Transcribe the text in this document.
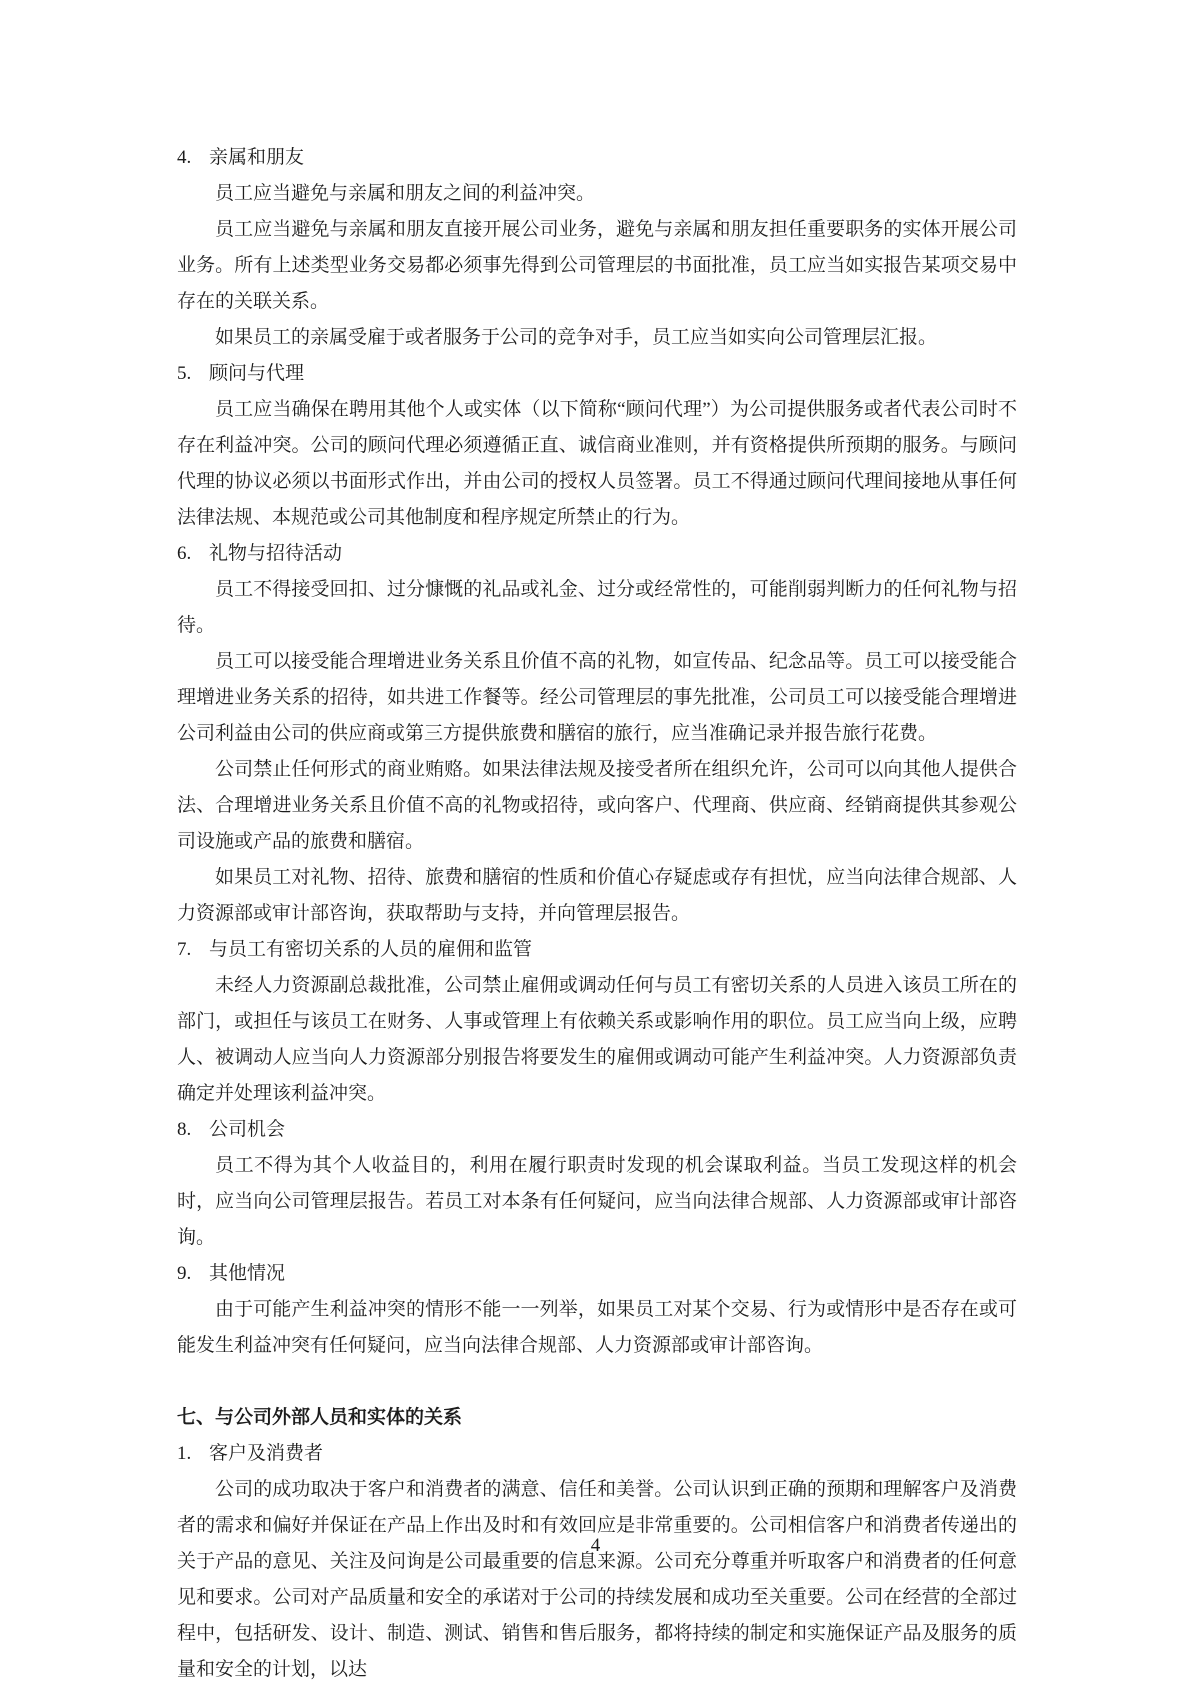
4. 亲属和朋友

员工应当避免与亲属和朋友之间的利益冲突。

员工应当避免与亲属和朋友直接开展公司业务，避免与亲属和朋友担任重要职务的实体开展公司业务。所有上述类型业务交易都必须事先得到公司管理层的书面批准，员工应当如实报告某项交易中存在的关联关系。

如果员工的亲属受雇于或者服务于公司的竞争对手，员工应当如实向公司管理层汇报。

5. 顾问与代理

员工应当确保在聘用其他个人或实体（以下简称“顾问代理”）为公司提供服务或者代表公司时不存在利益冲突。公司的顾问代理必须遵循正直、诚信商业准则，并有资格提供所预期的服务。与顾问代理的协议必须以书面形式作出，并由公司的授权人员签署。员工不得通过顾问代理间接地从事任何法律法规、本规范或公司其他制度和程序规定所禁止的行为。

6. 礼物与招待活动

员工不得接受回扣、过分慷慨的礼品或礼金、过分或经常性的，可能削弱判断力的任何礼物与招待。

员工可以接受能合理增进业务关系且价值不高的礼物，如宣传品、纪念品等。员工可以接受能合理增进业务关系的招待，如共进工作餐等。经公司管理层的事先批准，公司员工可以接受能合理增进公司利益由公司的供应商或第三方提供旅费和膳宿的旅行，应当准确记录并报告旅行花费。

公司禁止任何形式的商业贿赂。如果法律法规及接受者所在组织允许，公司可以向其他人提供合法、合理增进业务关系且价值不高的礼物或招待，或向客户、代理商、供应商、经销商提供其参观公司设施或产品的旅费和膳宿。

如果员工对礼物、招待、旅费和膳宿的性质和价值心存疑虑或存有担忧，应当向法律合规部、人力资源部或审计部咨询，获取帮助与支持，并向管理层报告。

7. 与员工有密切关系的人员的雇佣和监管

未经人力资源副总裁批准，公司禁止雇佣或调动任何与员工有密切关系的人员进入该员工所在的部门，或担任与该员工在财务、人事或管理上有依赖关系或影响作用的职位。员工应当向上级，应聘人、被调动人应当向人力资源部分别报告将要发生的雇佣或调动可能产生利益冲突。人力资源部负责确定并处理该利益冲突。

8. 公司机会

员工不得为其个人收益目的，利用在履行职责时发现的机会谋取利益。当员工发现这样的机会时，应当向公司管理层报告。若员工对本条有任何疑问，应当向法律合规部、人力资源部或审计部咨询。

9. 其他情况

由于可能产生利益冲突的情形不能一一列举，如果员工对某个交易、行为或情形中是否存在或可能发生利益冲突有任何疑问，应当向法律合规部、人力资源部或审计部咨询。

七、与公司外部人员和实体的关系
1. 客户及消费者

公司的成功取决于客户和消费者的满意、信任和美誉。公司认识到正确的预期和理解客户及消费者的需求和偏好并保证在产品上作出及时和有效回应是非常重要的。公司相信客户和消费者传递出的关于产品的意见、关注及问询是公司最重要的信息来源。公司充分尊重并听取客户和消费者的任何意见和要求。公司对产品质量和安全的承诺对于公司的持续发展和成功至关重要。公司在经营的全部过程中，包括研发、设计、制造、测试、销售和售后服务，都将持续的制定和实施保证产品及服务的质量和安全的计划，以达

4
